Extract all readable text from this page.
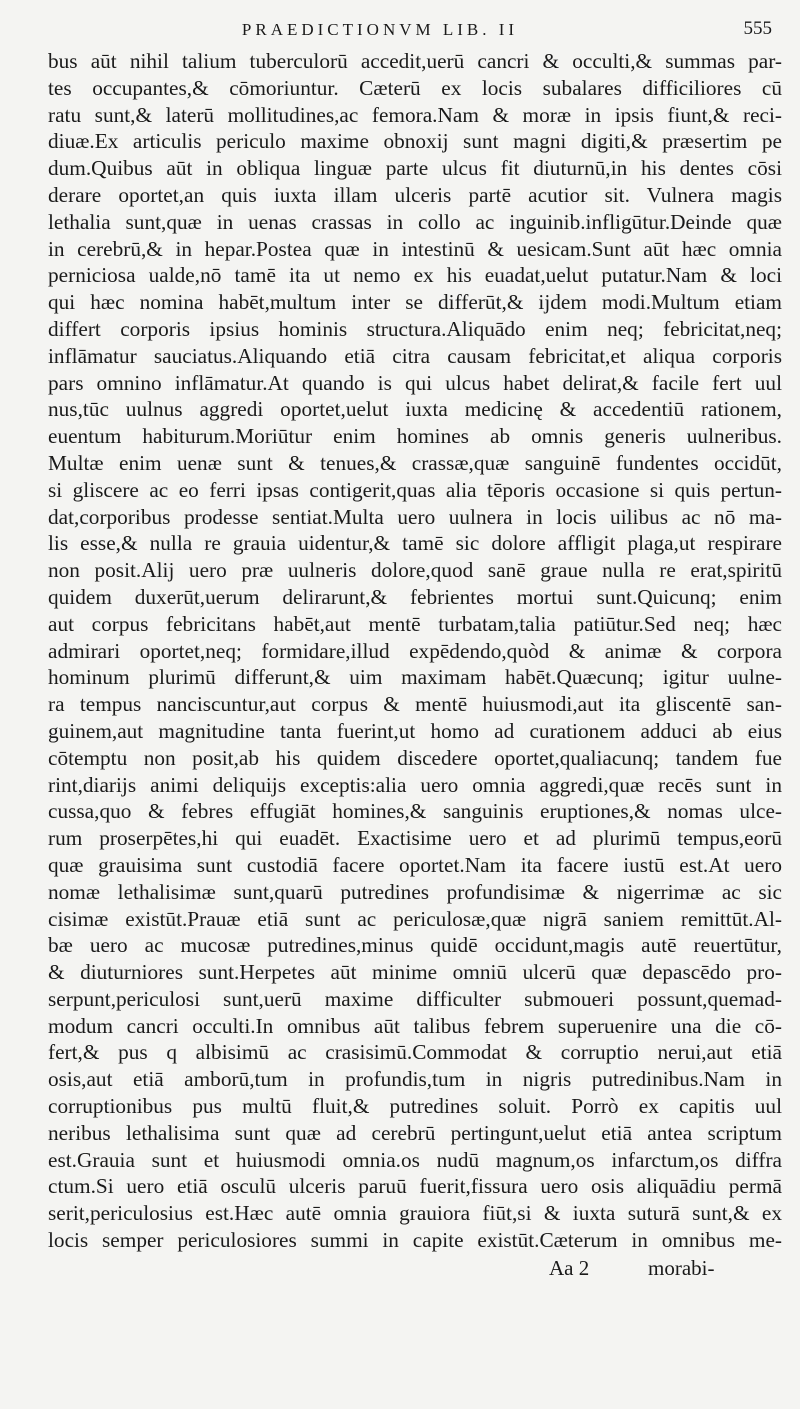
PRAEDICTIONVM LIB. II	555
bus aūt nihil talium tuberculorū accedit,uerū cancri & occulti,& summas par-
tes occupantes,& cōmoriuntur. Cæterū ex locis subalares difficiliores cū
ratu sunt,& laterū mollitudines,ac femora.Nam & moræ in ipsis fiunt,& reci-
diuæ.Ex articulis periculo maxime obnoxij sunt magni digiti,& præsertim pe
dum.Quibus aūt in obliqua linguæ parte ulcus fit diuturnū,in his dentes cōsi
derare oportet,an quis iuxta illam ulceris partē acutior sit. Vulnera magis
lethalia sunt,quæ in uenas crassas in collo ac inguinib.infligūtur.Deinde quæ
in cerebrū,& in hepar.Postea quæ in intestinū & uesicam.Sunt aūt hæc omnia
perniciosa ualde,nō tamē ita ut nemo ex his euadat,uelut putatur.Nam & loci
qui hæc nomina habēt,multum inter se differūt,& ijdem modi.Multum etiam
differt corporis ipsius hominis structura.Aliquādo enim neq; febricitat,neq;
inflāmatur sauciatus.Aliquando etiā citra causam febricitat,et aliqua corporis
pars omnino inflāmatur.At quando is qui ulcus habet delirat,& facile fert uul
nus,tūc uulnus aggredi oportet,uelut iuxta medicinę & accedentiū rationem,
euentum habiturum.Moriūtur enim homines ab omnis generis uulneribus.
Multæ enim uenæ sunt & tenues,& crassæ,quæ sanguinē fundentes occidūt,
si gliscere ac eo ferri ipsas contigerit,quas alia tēporis occasione si quis pertun-
dat,corporibus prodesse sentiat.Multa uero uulnera in locis uilibus ac nō ma-
lis esse,& nulla re grauia uidentur,& tamē sic dolore affligit plaga,ut respirare
non posit.Alij uero præ uulneris dolore,quod sanē graue nulla re erat,spiritū
quidem duxerūt,uerum delirarunt,& febrientes mortui sunt.Quicunq; enim
aut corpus febricitans habēt,aut mentē turbatam,talia patiūtur.Sed neq; hæc
admirari oportet,neq; formidare,illud expēdendo,quòd & animæ & corpora
hominum plurimū differunt,& uim maximam habēt.Quæcunq; igitur uulne-
ra tempus nanciscuntur,aut corpus & mentē huiusmodi,aut ita gliscentē san-
guinem,aut magnitudine tanta fuerint,ut homo ad curationem adduci ab eius
cōtemptu non posit,ab his quidem discedere oportet,qualiacunq; tandem fue
rint,diarijs animi deliquijs exceptis:alia uero omnia aggredi,quæ recēs sunt in
cussa,quo & febres effugiāt homines,& sanguinis eruptiones,& nomas ulce-
rum proserpētes,hi qui euadēt. Exactisime uero et ad plurimū tempus,eorū
quæ grauisima sunt custodiā facere oportet.Nam ita facere iustū est.At uero
nomæ lethalisimæ sunt,quarū putredines profundisimæ & nigerrimæ ac sic
cisimæ existūt.Prauæ etiā sunt ac periculosæ,quæ nigrā saniem remittūt.Al-
bæ uero ac mucosæ putredines,minus quidē occidunt,magis autē reuertūtur,
& diuturniores sunt.Herpetes aūt minime omniū ulcerū quæ depascēdo pro-
serpunt,periculosi sunt,uerū maxime difficulter submoueri possunt,quemad-
modum cancri occulti.In omnibus aūt talibus febrem superuenire una die cō-
fert,& pus q albisimū ac crasisimū.Commodat & corruptio nerui,aut etiā
osis,aut etiā amborū,tum in profundis,tum in nigris putredinibus.Nam in
corruptionibus pus multū fluit,& putredines soluit. Porrò ex capitis uul
neribus lethalisima sunt quæ ad cerebrū pertingunt,uelut etiā antea scriptum
est.Grauia sunt et huiusmodi omnia.os nudū magnum,os infarctum,os diffra
ctum.Si uero etiā osculū ulceris paruū fuerit,fissura uero osis aliquādiu permā
serit,periculosius est.Hæc autē omnia grauiora fiūt,si & iuxta suturā sunt,& ex
locis semper periculosiores summi in capite existūt.Cæterum in omnibus me-
Aa 2	morabi-
